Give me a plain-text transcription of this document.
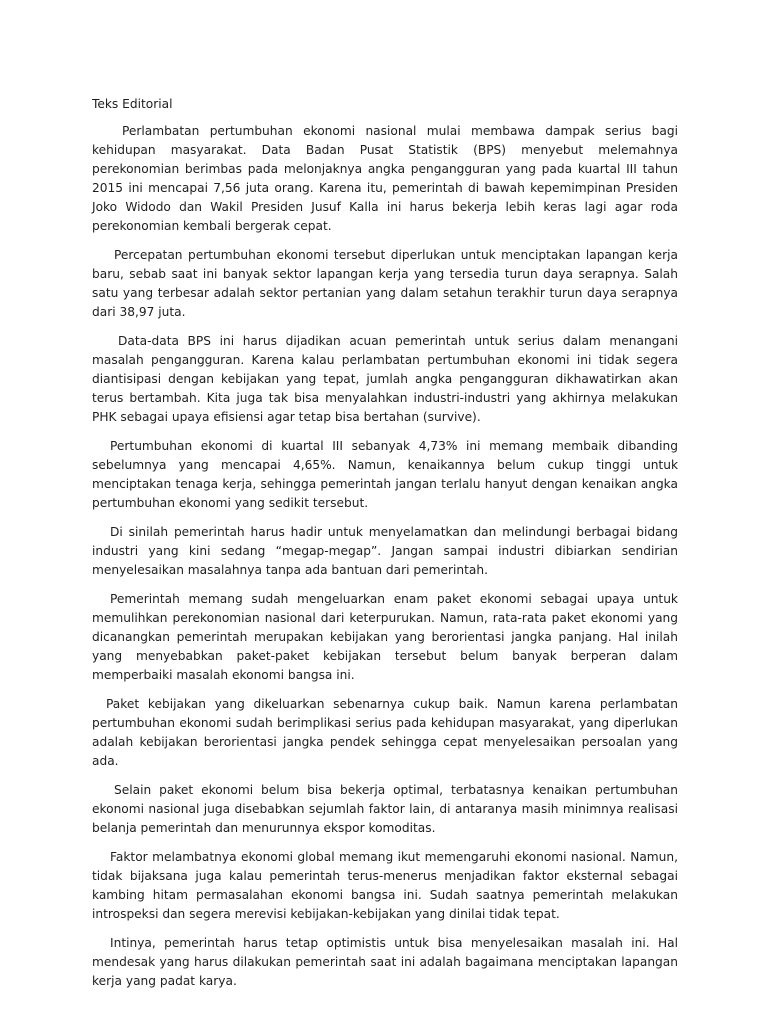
Teks Editorial

Perlambatan pertumbuhan ekonomi nasional mulai membawa dampak serius bagi kehidupan masyarakat. Data Badan Pusat Statistik (BPS) menyebut melemahnya perekonomian berimbas pada melonjaknya angka pengangguran yang pada kuartal III tahun 2015 ini mencapai 7,56 juta orang. Karena itu, pemerintah di bawah kepemimpinan Presiden Joko Widodo dan Wakil Presiden Jusuf Kalla ini harus bekerja lebih keras lagi agar roda perekonomian kembali bergerak cepat.

Percepatan pertumbuhan ekonomi tersebut diperlukan untuk menciptakan lapangan kerja baru, sebab saat ini banyak sektor lapangan kerja yang tersedia turun daya serapnya. Salah satu yang terbesar adalah sektor pertanian yang dalam setahun terakhir turun daya serapnya dari 38,97 juta.

Data-data BPS ini harus dijadikan acuan pemerintah untuk serius dalam menangani masalah pengangguran. Karena kalau perlambatan pertumbuhan ekonomi ini tidak segera diantisipasi dengan kebijakan yang tepat, jumlah angka pengangguran dikhawatirkan akan terus bertambah. Kita juga tak bisa menyalahkan industri-industri yang akhirnya melakukan PHK sebagai upaya efisiensi agar tetap bisa bertahan (survive).

Pertumbuhan ekonomi di kuartal III sebanyak 4,73% ini memang membaik dibanding sebelumnya yang mencapai 4,65%. Namun, kenaikannya belum cukup tinggi untuk menciptakan tenaga kerja, sehingga pemerintah jangan terlalu hanyut dengan kenaikan angka pertumbuhan ekonomi yang sedikit tersebut.

Di sinilah pemerintah harus hadir untuk menyelamatkan dan melindungi berbagai bidang industri yang kini sedang “megap-megap”. Jangan sampai industri dibiarkan sendirian menyelesaikan masalahnya tanpa ada bantuan dari pemerintah.

Pemerintah memang sudah mengeluarkan enam paket ekonomi sebagai upaya untuk memulihkan perekonomian nasional dari keterpurukan. Namun, rata-rata paket ekonomi yang dicanangkan pemerintah merupakan kebijakan yang berorientasi jangka panjang. Hal inilah yang menyebabkan paket-paket kebijakan tersebut belum banyak berperan dalam memperbaiki masalah ekonomi bangsa ini.

Paket kebijakan yang dikeluarkan sebenarnya cukup baik. Namun karena perlambatan pertumbuhan ekonomi sudah berimplikasi serius pada kehidupan masyarakat, yang diperlukan adalah kebijakan berorientasi jangka pendek sehingga cepat menyelesaikan persoalan yang ada.

Selain paket ekonomi belum bisa bekerja optimal, terbatasnya kenaikan pertumbuhan ekonomi nasional juga disebabkan sejumlah faktor lain, di antaranya masih minimnya realisasi belanja pemerintah dan menurunnya ekspor komoditas.

Faktor melambatnya ekonomi global memang ikut memengaruhi ekonomi nasional. Namun, tidak bijaksana juga kalau pemerintah terus-menerus menjadikan faktor eksternal sebagai kambing hitam permasalahan ekonomi bangsa ini. Sudah saatnya pemerintah melakukan introspeksi dan segera merevisi kebijakan-kebijakan yang dinilai tidak tepat.

Intinya, pemerintah harus tetap optimistis untuk bisa menyelesaikan masalah ini. Hal mendesak yang harus dilakukan pemerintah saat ini adalah bagaimana menciptakan lapangan kerja yang padat karya.
